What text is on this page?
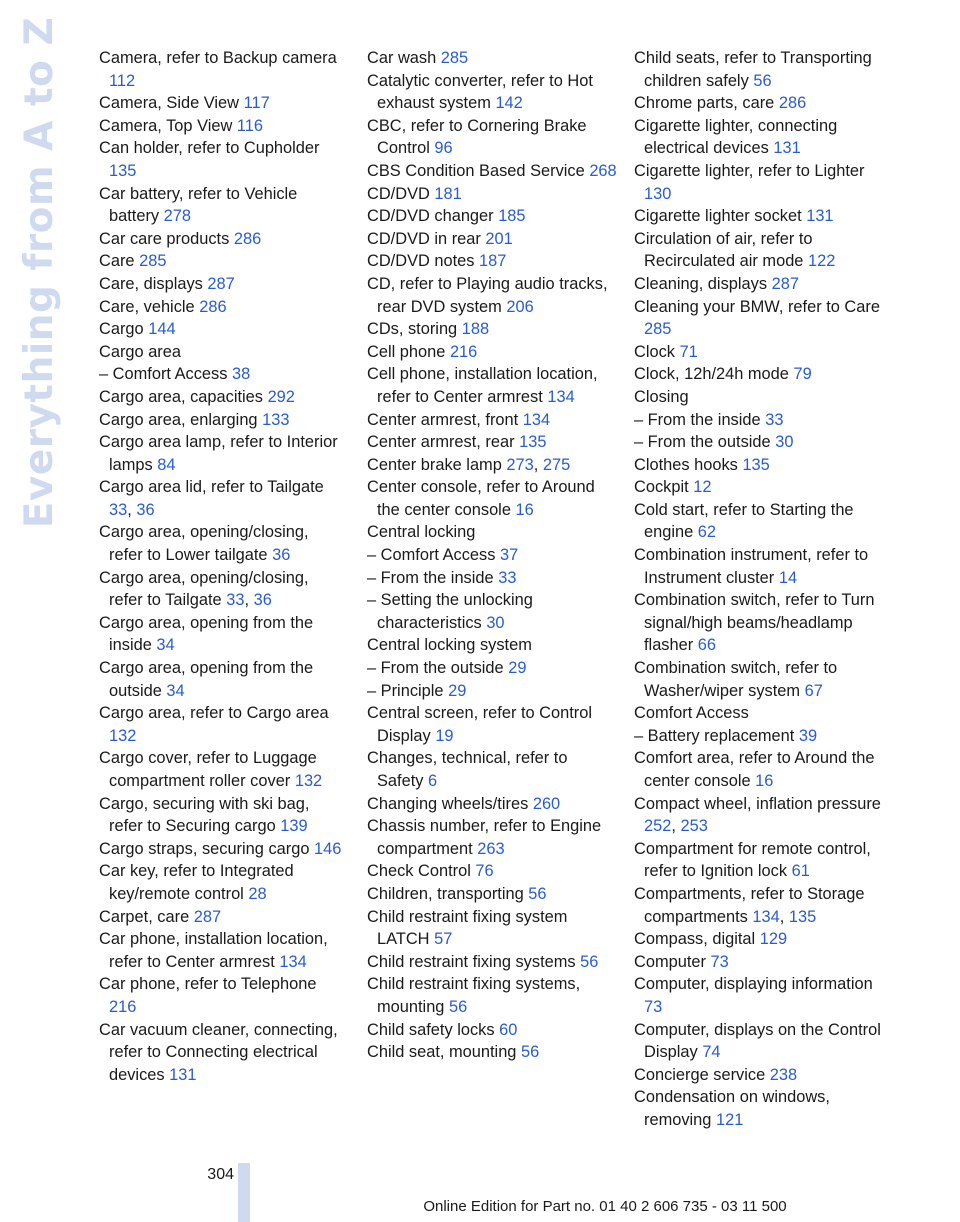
Everything from A to Z Camera, refer to Backup camera 112
Camera, Side View 117
Camera, Top View 116
Can holder, refer to Cupholder 135
Car battery, refer to Vehicle battery 278
Car care products 286
Care 285
Care, displays 287
Care, vehicle 286
Cargo 144
Cargo area
– Comfort Access 38
Cargo area, capacities 292
Cargo area, enlarging 133
Cargo area lamp, refer to Interior lamps 84
Cargo area lid, refer to Tailgate 33, 36
Cargo area, opening/closing, refer to Lower tailgate 36
Cargo area, opening/closing, refer to Tailgate 33, 36
Cargo area, opening from the inside 34
Cargo area, opening from the outside 34
Cargo area, refer to Cargo area 132
Cargo cover, refer to Luggage compartment roller cover 132
Cargo, securing with ski bag, refer to Securing cargo 139
Cargo straps, securing cargo 146
Car key, refer to Integrated key/remote control 28
Carpet, care 287
Car phone, installation location, refer to Center armrest 134
Car phone, refer to Telephone 216
Car vacuum cleaner, connecting, refer to Connecting electrical devices 131
Car wash 285
Catalytic converter, refer to Hot exhaust system 142
CBC, refer to Cornering Brake Control 96
CBS Condition Based Service 268
CD/DVD 181
CD/DVD changer 185
CD/DVD in rear 201
CD/DVD notes 187
CD, refer to Playing audio tracks, rear DVD system 206
CDs, storing 188
Cell phone 216
Cell phone, installation location, refer to Center armrest 134
Center armrest, front 134
Center armrest, rear 135
Center brake lamp 273, 275
Center console, refer to Around the center console 16
Central locking
– Comfort Access 37
– From the inside 33
– Setting the unlocking characteristics 30
Central locking system
– From the outside 29
– Principle 29
Central screen, refer to Control Display 19
Changes, technical, refer to Safety 6
Changing wheels/tires 260
Chassis number, refer to Engine compartment 263
Check Control 76
Children, transporting 56
Child restraint fixing system LATCH 57
Child restraint fixing systems 56
Child restraint fixing systems, mounting 56
Child safety locks 60
Child seat, mounting 56
Child seats, refer to Transporting children safely 56
Chrome parts, care 286
Cigarette lighter, connecting electrical devices 131
Cigarette lighter, refer to Lighter 130
Cigarette lighter socket 131
Circulation of air, refer to Recirculated air mode 122
Cleaning, displays 287
Cleaning your BMW, refer to Care 285
Clock 71
Clock, 12h/24h mode 79
Closing
– From the inside 33
– From the outside 30
Clothes hooks 135
Cockpit 12
Cold start, refer to Starting the engine 62
Combination instrument, refer to Instrument cluster 14
Combination switch, refer to Turn signal/high beams/headlamp flasher 66
Combination switch, refer to Washer/wiper system 67
Comfort Access
– Battery replacement 39
Comfort area, refer to Around the center console 16
Compact wheel, inflation pressure 252, 253
Compartment for remote control, refer to Ignition lock 61
Compartments, refer to Storage compartments 134, 135
Compass, digital 129
Computer 73
Computer, displaying information 73
Computer, displays on the Control Display 74
Concierge service 238
Condensation on windows, removing 121
304
Online Edition for Part no. 01 40 2 606 735 - 03 11 500
